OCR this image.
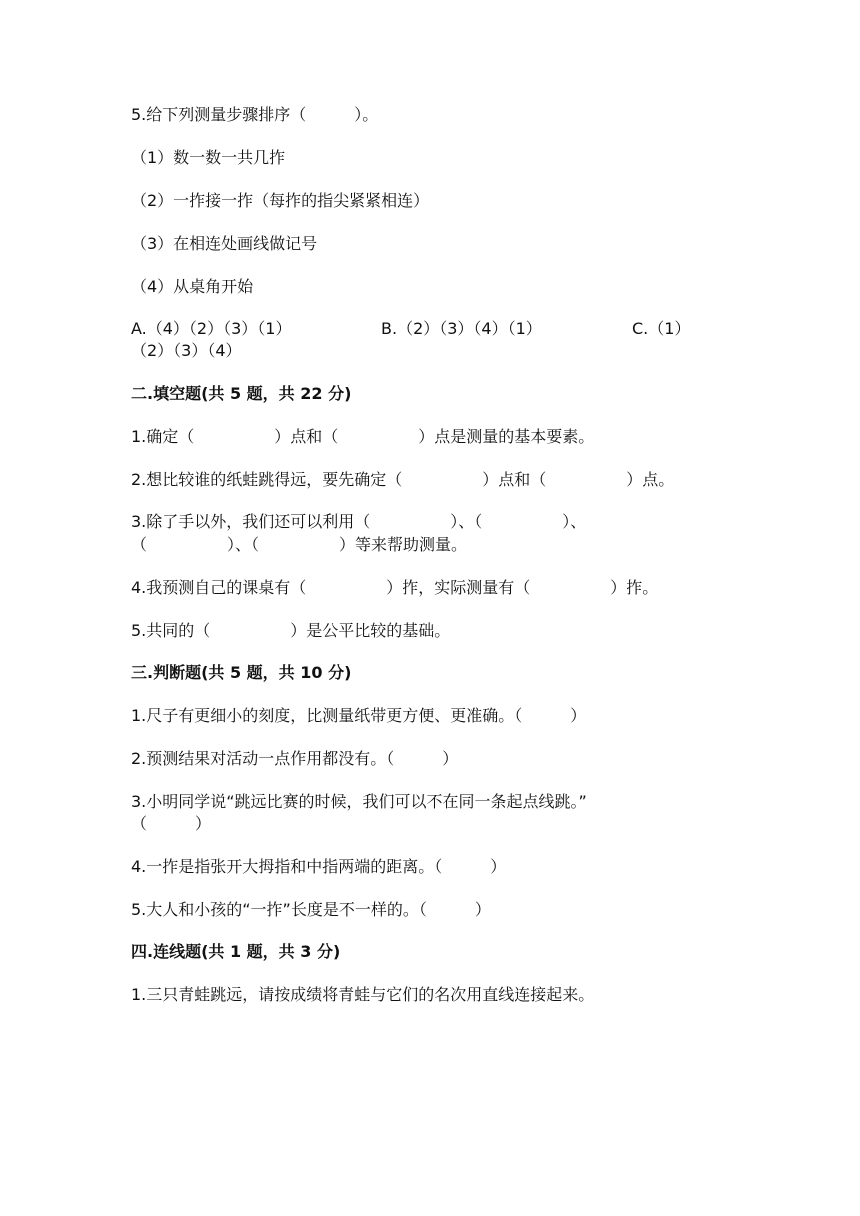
5.给下列测量步骤排序（　　　）。
（1）数一数一共几拃
（2）一拃接一拃（每拃的指尖紧紧相连）
（3）在相连处画线做记号
（4）从桌角开始
A.（4）（2）（3）（1）	B.（2）（3）（4）（1）	C.（1）
（2）（3）（4）
二.填空题(共 5 题，共 22 分)
1.确定（　　　　　）点和（　　　　　）点是测量的基本要素。
2.想比较谁的纸蛙跳得远，要先确定（　　　　　）点和（　　　　　）点。
3.除了手以外，我们还可以利用（　　　　　）、（　　　　　）、
（　　　　　）、（　　　　　）等来帮助测量。
4.我预测自己的课桌有（　　　　　）拃，实际测量有（　　　　　）拃。
5.共同的（　　　　　）是公平比较的基础。
三.判断题(共 5 题，共 10 分)
1.尺子有更细小的刻度，比测量纸带更方便、更准确。（　　　）
2.预测结果对活动一点作用都没有。（　　　）
3.小明同学说“跳远比赛的时候，我们可以不在同一条起点线跳。”
（　　　）
4.一拃是指张开大拇指和中指两端的距离。（　　　）
5.大人和小孩的“一拃”长度是不一样的。（　　　）
四.连线题(共 1 题，共 3 分)
1.三只青蛙跳远，请按成绩将青蛙与它们的名次用直线连接起来。
